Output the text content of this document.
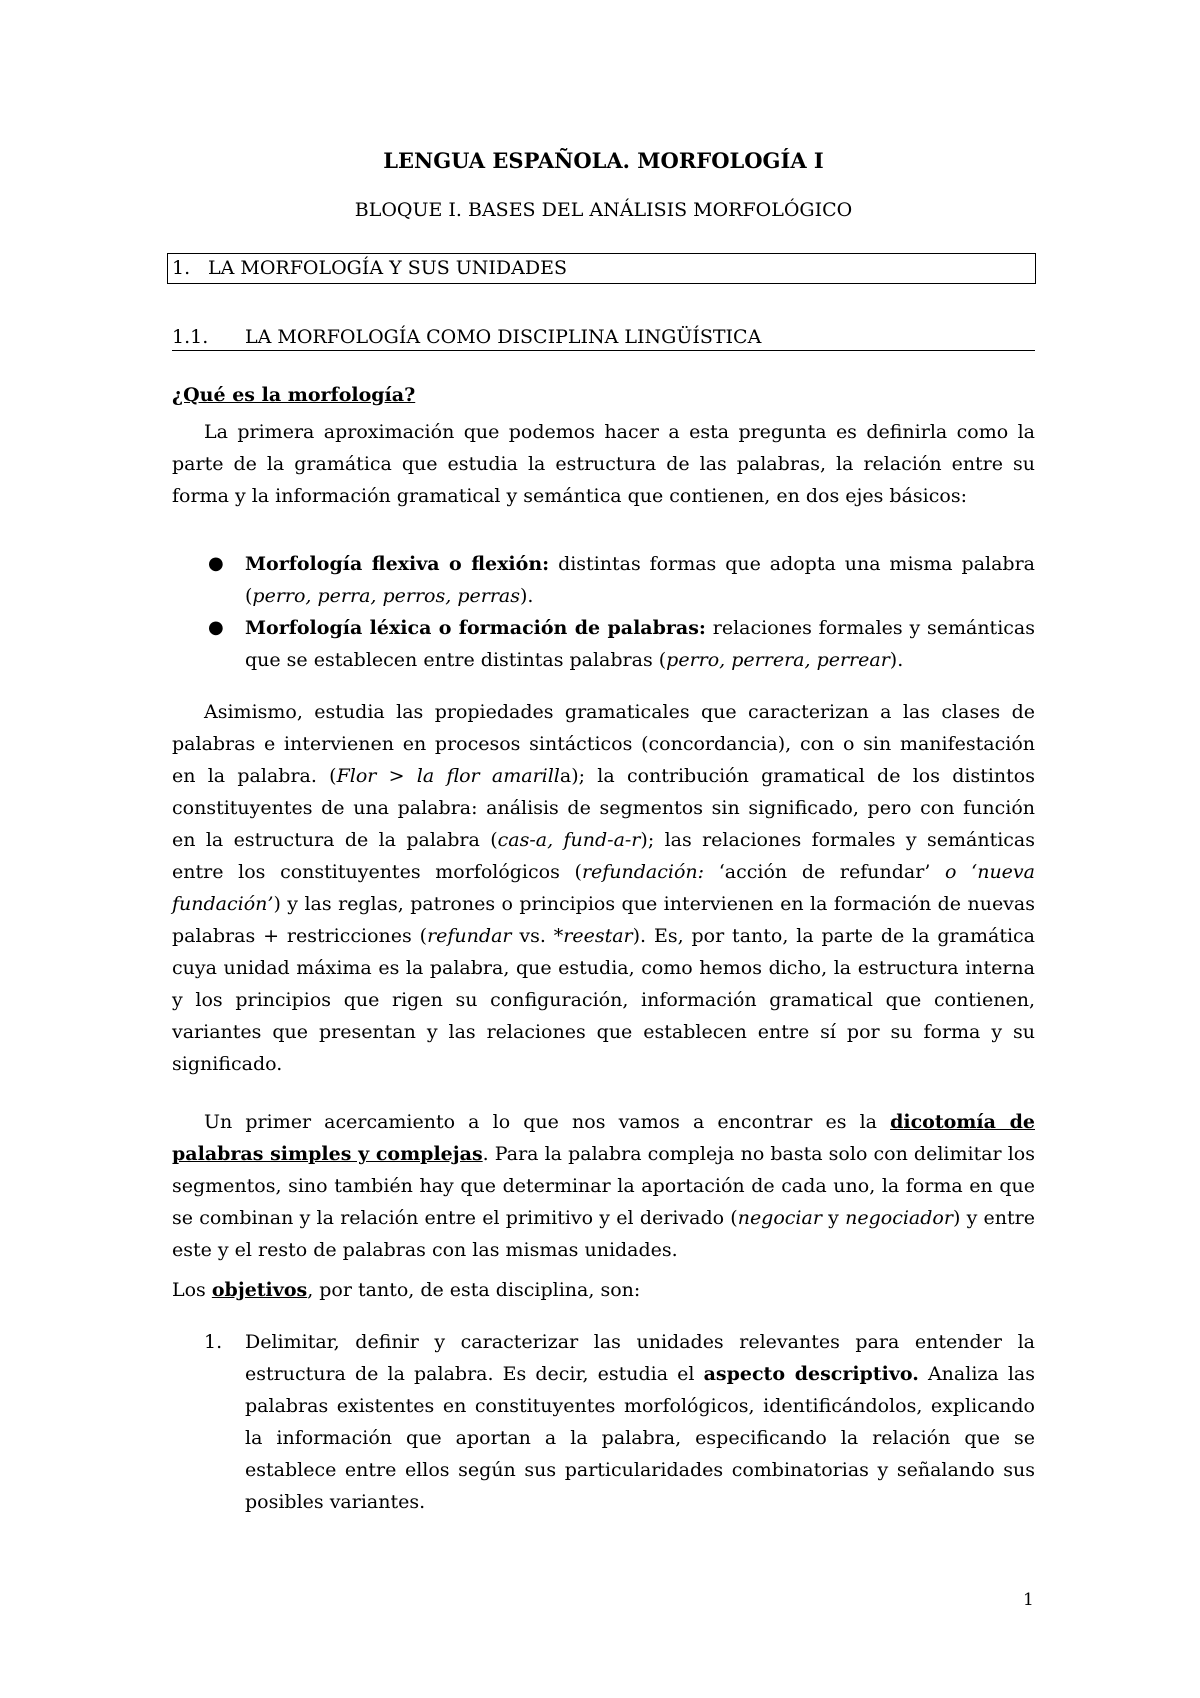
LENGUA ESPAÑOLA. MORFOLOGÍA I
BLOQUE I. BASES DEL ANÁLISIS MORFOLÓGICO
1. LA MORFOLOGÍA Y SUS UNIDADES
1.1. LA MORFOLOGÍA COMO DISCIPLINA LINGÜÍSTICA
¿Qué es la morfología?

La primera aproximación que podemos hacer a esta pregunta es definirla como la parte de la gramática que estudia la estructura de las palabras, la relación entre su forma y la información gramatical y semántica que contienen, en dos ejes básicos:

● Morfología flexiva o flexión: distintas formas que adopta una misma palabra (perro, perra, perros, perras).
● Morfología léxica o formación de palabras: relaciones formales y semánticas que se establecen entre distintas palabras (perro, perrera, perrear).

Asimismo, estudia las propiedades gramaticales que caracterizan a las clases de palabras e intervienen en procesos sintácticos (concordancia), con o sin manifestación en la palabra. (Flor > la flor amarilla); la contribución gramatical de los distintos constituyentes de una palabra: análisis de segmentos sin significado, pero con función en la estructura de la palabra (cas-a, fund-a-r); las relaciones formales y semánticas entre los constituyentes morfológicos (refundación: ‘acción de refundar’ o ‘nueva fundación’) y las reglas, patrones o principios que intervienen en la formación de nuevas palabras + restricciones (refundar vs. *reestar). Es, por tanto, la parte de la gramática cuya unidad máxima es la palabra, que estudia, como hemos dicho, la estructura interna y los principios que rigen su configuración, información gramatical que contienen, variantes que presentan y las relaciones que establecen entre sí por su forma y su significado.

Un primer acercamiento a lo que nos vamos a encontrar es la dicotomía de palabras simples y complejas. Para la palabra compleja no basta solo con delimitar los segmentos, sino también hay que determinar la aportación de cada uno, la forma en que se combinan y la relación entre el primitivo y el derivado (negociar y negociador) y entre este y el resto de palabras con las mismas unidades.

Los objetivos, por tanto, de esta disciplina, son:

1. Delimitar, definir y caracterizar las unidades relevantes para entender la estructura de la palabra. Es decir, estudia el aspecto descriptivo. Analiza las palabras existentes en constituyentes morfológicos, identificándolos, explicando la información que aportan a la palabra, especificando la relación que se establece entre ellos según sus particularidades combinatorias y señalando sus posibles variantes.
1
